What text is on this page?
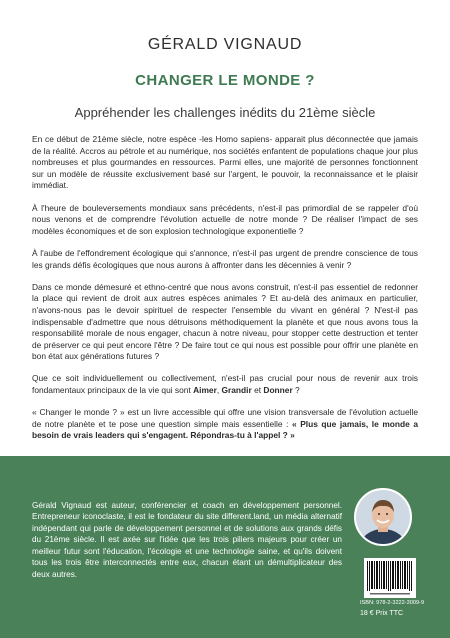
GÉRALD VIGNAUD
CHANGER LE MONDE ?
Appréhender les challenges inédits du 21ème siècle

En ce début de 21ème siècle, notre espèce -les Homo sapiens- apparait plus déconnectée que jamais de la réalité. Accros au pétrole et au numérique, nos sociétés enfantent de populations chaque jour plus nombreuses et plus gourmandes en ressources. Parmi elles, une majorité de personnes fonctionnent sur un modèle de réussite exclusivement basé sur l'argent, le pouvoir, la reconnaissance et le plaisir immédiat.

À l'heure de bouleversements mondiaux sans précédents, n'est-il pas primordial de se rappeler d'où nous venons et de comprendre l'évolution actuelle de notre monde ? De réaliser l'impact de ses modèles économiques et de son explosion technologique exponentielle ?

À l'aube de l'effondrement écologique qui s'annonce, n'est-il pas urgent de prendre conscience de tous les grands défis écologiques que nous aurons à affronter dans les décennies à venir ?

Dans ce monde démesuré et ethno-centré que nous avons construit, n'est-il pas essentiel de redonner la place qui revient de droit aux autres espèces animales ? Et au-delà des animaux en particulier, n'avons-nous pas le devoir spirituel de respecter l'ensemble du vivant en général ? N'est-il pas indispensable d'admettre que nous détruisons méthodiquement la planète et que nous avons tous la responsabilité morale de nous engager, chacun à notre niveau, pour stopper cette destruction et tenter de préserver ce qui peut encore l'être ? De faire tout ce qui nous est possible pour offrir une planète en bon état aux générations futures ?

Que ce soit individuellement ou collectivement, n'est-il pas crucial pour nous de revenir aux trois fondamentaux principaux de la vie qui sont Aimer, Grandir et Donner ?

« Changer le monde ? » est un livre accessible qui offre une vision transversale de l'évolution actuelle de notre planète et te pose une question simple mais essentielle : « Plus que jamais, le monde a besoin de vrais leaders qui s'engagent. Répondras-tu à l'appel ? »

Gérald Vignaud est auteur, conférencier et coach en développement personnel. Entrepreneur iconoclaste, il est le fondateur du site different.land, un média alternatif indépendant qui parle de développement personnel et de solutions aux grands défis du 21ème siècle. Il est axée sur l'idée que les trois piliers majeurs pour créer un meilleur futur sont l'éducation, l'écologie et une technologie saine, et qu'ils doivent tous les trois être interconnectés entre eux, chacun étant un démultiplicateur des deux autres.
ISBN: 978-2-3222-3009-9
18 € Prix TTC
